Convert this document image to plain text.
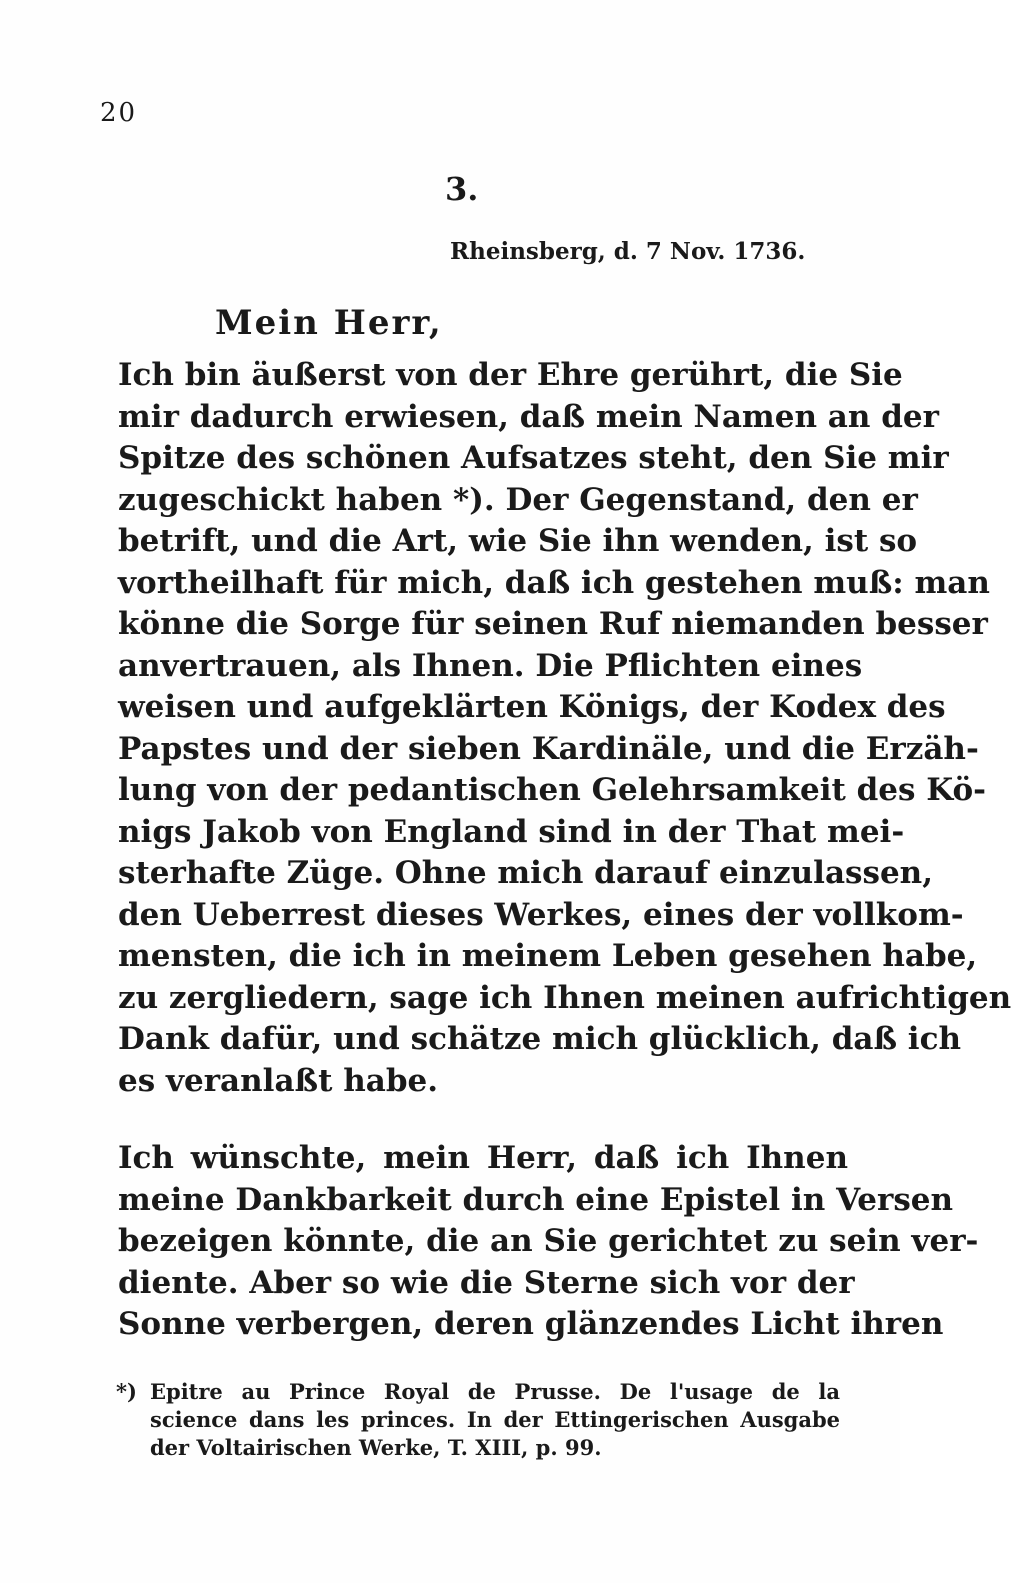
20
3.
Rheinsberg, d. 7 Nov. 1736.
Mein Herr,
Ich bin äußerst von der Ehre gerührt, die Sie
mir dadurch erwiesen, daß mein Namen an der
Spitze des schönen Aufsatzes steht, den Sie mir
zugeschickt haben *). Der Gegenstand, den er
betrift, und die Art, wie Sie ihn wenden, ist so
vortheilhaft für mich, daß ich gestehen muß: man
könne die Sorge für seinen Ruf niemanden besser
anvertrauen, als Ihnen. Die Pflichten eines
weisen und aufgeklärten Königs, der Kodex des
Papstes und der sieben Kardinäle, und die Erzäh-
lung von der pedantischen Gelehrsamkeit des Kö-
nigs Jakob von England sind in der That mei-
sterhafte Züge. Ohne mich darauf einzulassen,
den Ueberrest dieses Werkes, eines der vollkom-
mensten, die ich in meinem Leben gesehen habe,
zu zergliedern, sage ich Ihnen meinen aufrichtigen
Dank dafür, und schätze mich glücklich, daß ich
es veranlaßt habe.
Ich wünschte, mein Herr, daß ich Ihnen
meine Dankbarkeit durch eine Epistel in Versen
bezeigen könnte, die an Sie gerichtet zu sein ver-
diente. Aber so wie die Sterne sich vor der
Sonne verbergen, deren glänzendes Licht ihren
*) Epitre au Prince Royal de Prusse. De l'usage de la
science dans les princes. In der Ettingerischen Ausgabe
der Voltairischen Werke, T. XIII, p. 99.
